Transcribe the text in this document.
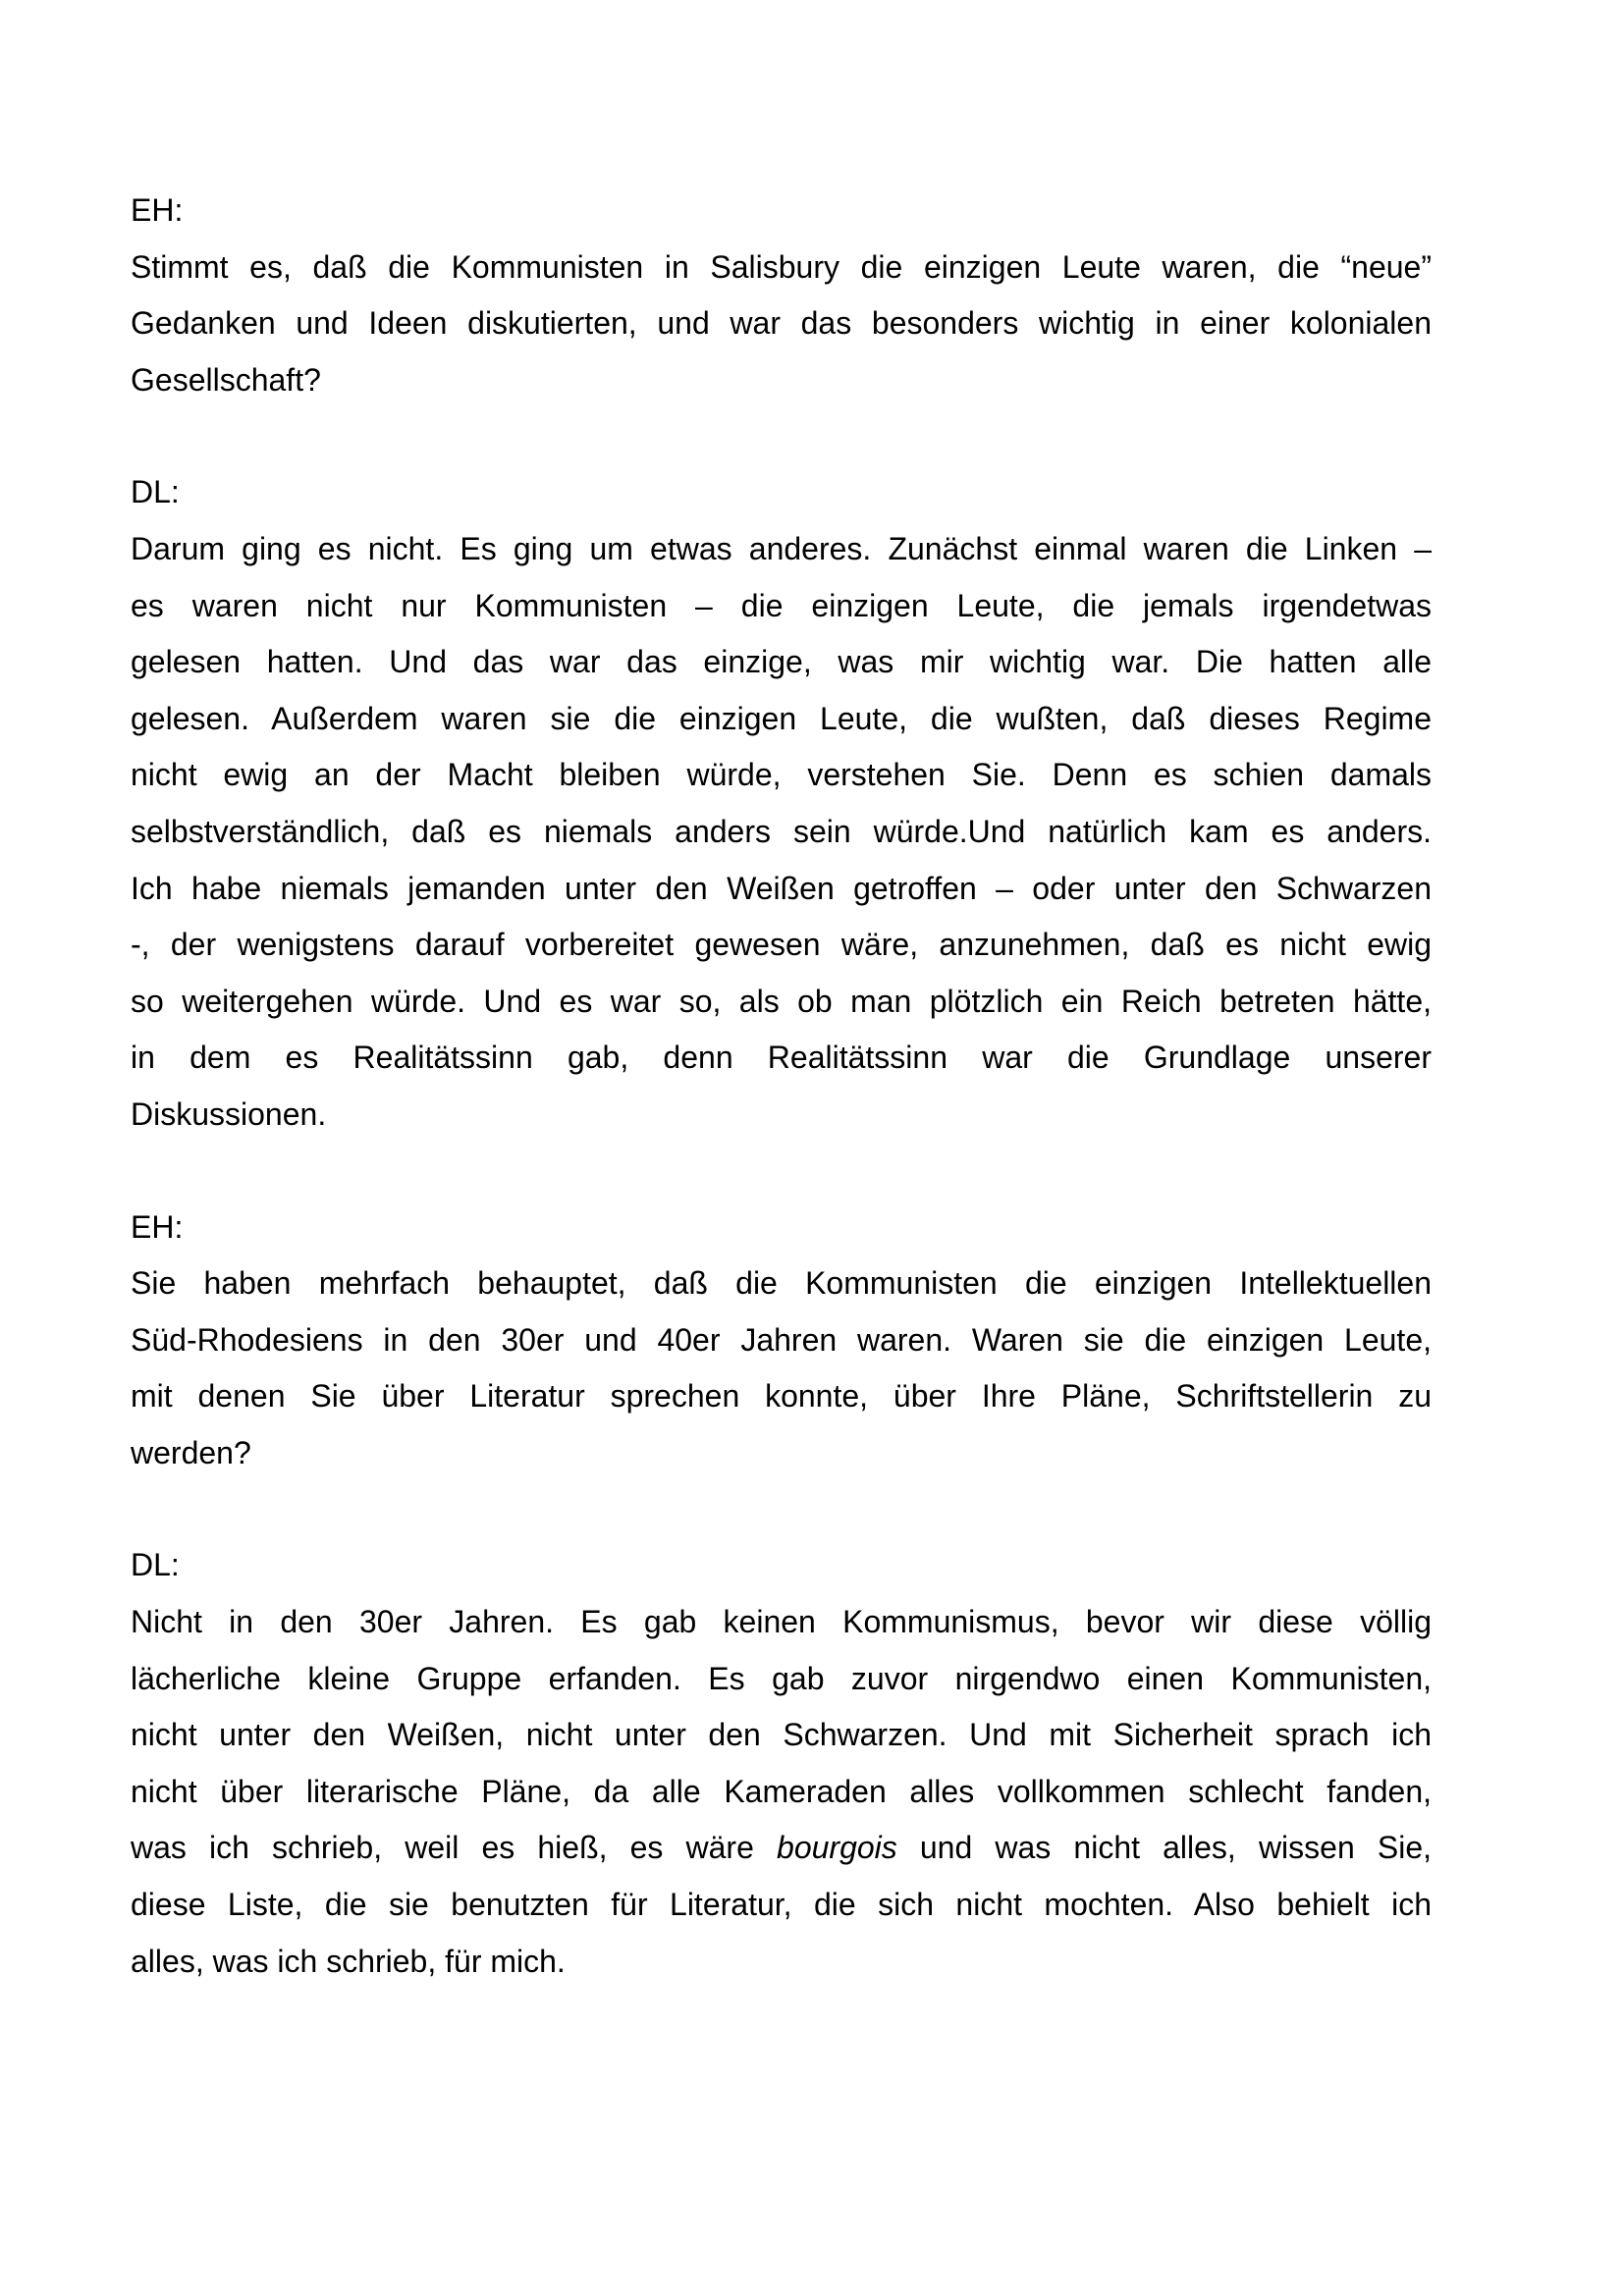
EH:
Stimmt es, daß die Kommunisten in Salisbury die einzigen Leute waren, die “neue”
Gedanken und Ideen diskutierten, und war das besonders wichtig in einer kolonialen
Gesellschaft?
DL:
Darum ging es nicht. Es ging um etwas anderes. Zunächst einmal waren die Linken –
es waren nicht nur Kommunisten – die einzigen Leute, die jemals irgendetwas
gelesen hatten. Und das war das einzige, was mir wichtig war. Die hatten alle
gelesen. Außerdem waren sie die einzigen Leute, die wußten, daß dieses Regime
nicht ewig an der Macht bleiben würde, verstehen Sie. Denn es schien damals
selbstverständlich, daß es niemals anders sein würde.Und natürlich kam es anders.
Ich habe niemals jemanden unter den Weißen getroffen – oder unter den Schwarzen
-, der wenigstens darauf vorbereitet gewesen wäre, anzunehmen, daß es nicht ewig
so weitergehen würde. Und es war so, als ob man plötzlich ein Reich betreten hätte,
in dem es Realitätssinn gab, denn Realitätssinn war die Grundlage unserer
Diskussionen.
EH:
Sie haben mehrfach behauptet, daß die Kommunisten die einzigen Intellektuellen
Süd-Rhodesiens in den 30er und 40er Jahren waren. Waren sie die einzigen Leute,
mit denen Sie über Literatur sprechen konnte, über Ihre Pläne, Schriftstellerin zu
werden?
DL:
Nicht in den 30er Jahren. Es gab keinen Kommunismus, bevor wir diese völlig
lächerliche kleine Gruppe erfanden. Es gab zuvor nirgendwo einen Kommunisten,
nicht unter den Weißen, nicht unter den Schwarzen. Und mit Sicherheit sprach ich
nicht über literarische Pläne, da alle Kameraden alles vollkommen schlecht fanden,
was ich schrieb, weil es hieß, es wäre bourgois und was nicht alles, wissen Sie,
diese Liste, die sie benutzten für Literatur, die sich nicht mochten. Also behielt ich
alles, was ich schrieb, für mich.
